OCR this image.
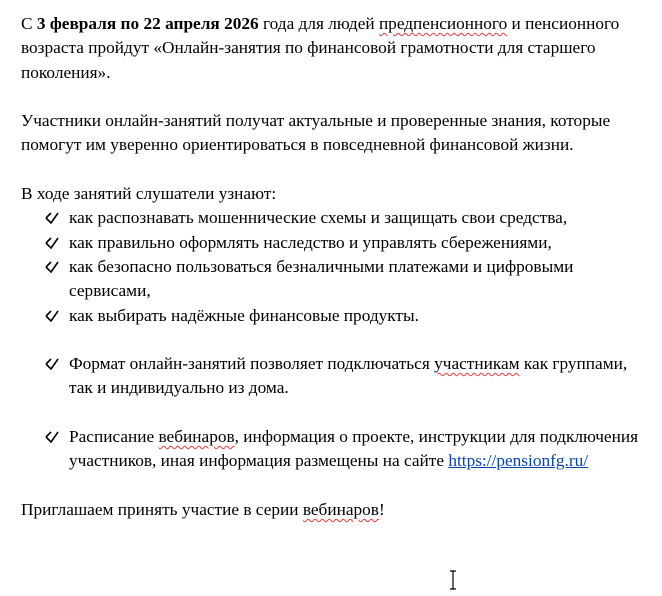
С 3 февраля по 22 апреля 2026 года для людей предпенсионного и пенсионного возраста пройдут «Онлайн-занятия по финансовой грамотности для старшего поколения».

Участники онлайн-занятий получат актуальные и проверенные знания, которые помогут им уверенно ориентироваться в повседневной финансовой жизни.

В ходе занятий слушатели узнают:

как распознавать мошеннические схемы и защищать свои средства,
как правильно оформлять наследство и управлять сбережениями,
как безопасно пользоваться безналичными платежами и цифровыми сервисами,
как выбирать надёжные финансовые продукты.
Формат онлайн-занятий позволяет подключаться участникам как группами, так и индивидуально из дома.
Расписание вебинаров, информация о проекте, инструкции для подключения участников, иная информация размещены на сайте https://pensionfg.ru/

Приглашаем принять участие в серии вебинаров!
